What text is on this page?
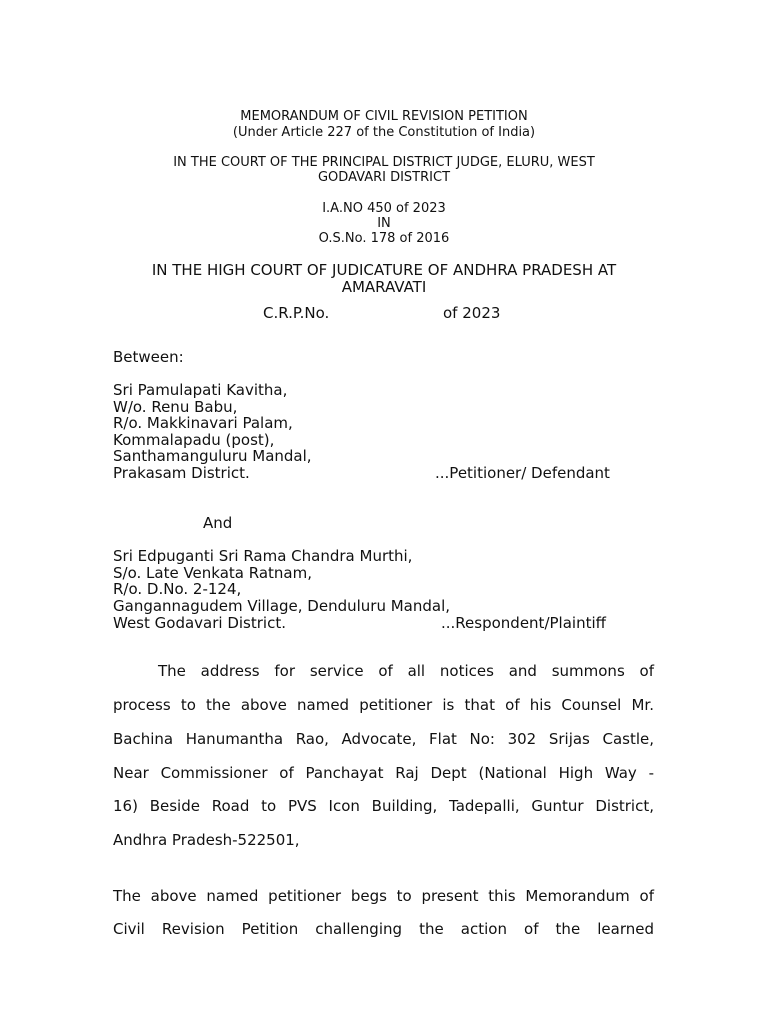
MEMORANDUM OF CIVIL REVISION PETITION
(Under Article 227 of the Constitution of India)
IN THE COURT OF THE PRINCIPAL DISTRICT JUDGE, ELURU, WEST
GODAVARI DISTRICT
I.A.NO 450 of 2023
IN
O.S.No. 178 of 2016
IN THE HIGH COURT OF JUDICATURE OF ANDHRA PRADESH AT
AMARAVATI
C.R.P.No.	of 2023
Between:
Sri Pamulapati Kavitha,
W/o. Renu Babu,
R/o. Makkinavari Palam,
Kommalapadu (post),
Santhamanguluru Mandal,
Prakasam District.	...Petitioner/ Defendant
And
Sri Edpuganti Sri Rama Chandra Murthi,
S/o. Late Venkata Ratnam,
R/o. D.No. 2-124,
Gangannagudem Village, Denduluru Mandal,
West Godavari District.	...Respondent/Plaintiff
The address for service of all notices and summons of
process to the above named petitioner is that of his Counsel Mr.
Bachina Hanumantha Rao, Advocate, Flat No: 302 Srijas Castle,
Near Commissioner of Panchayat Raj Dept (National High Way -
16) Beside Road to PVS Icon Building, Tadepalli, Guntur District,
Andhra Pradesh-522501,
The above named petitioner begs to present this Memorandum of
Civil Revision Petition challenging the action of the learned
